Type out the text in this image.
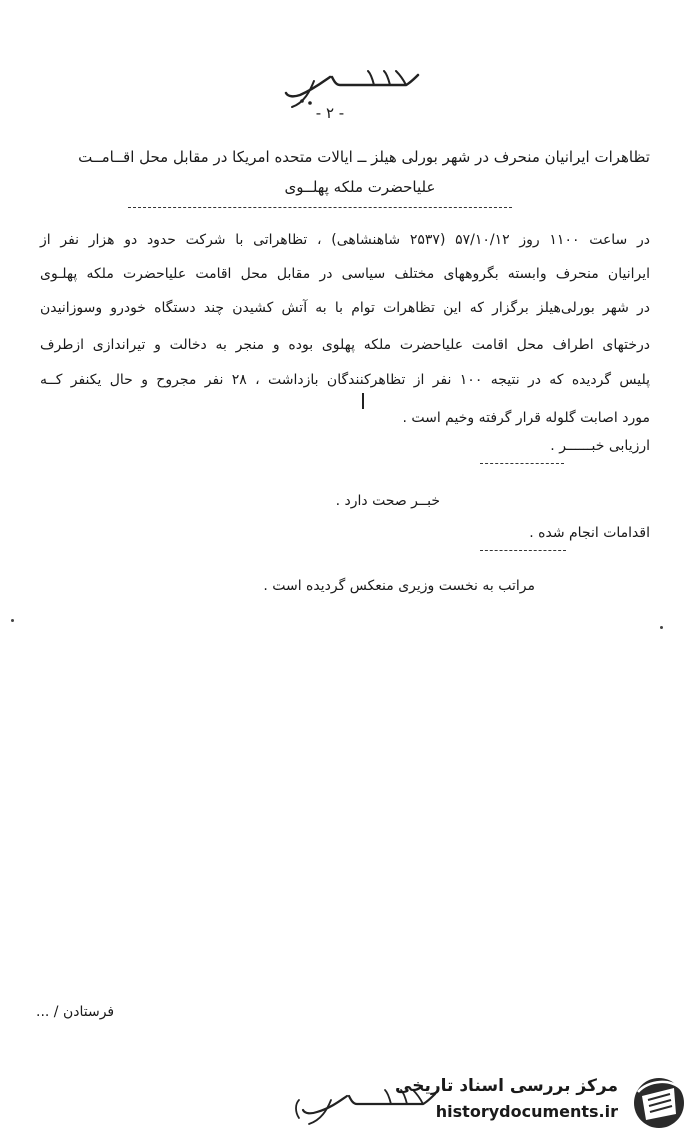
- ۲ -
تظاهرات ایرانیان منحرف در شهر بورلی هیلز ــ ایالات متحده امریکا در مقابل محل اقــامــت
علیاحضرت ملکه پهلــوی
در ساعت ۱۱۰۰ روز ۵۷/۱۰/۱۲ (۲۵۳۷ شاهنشاهی) ، تظاهراتی با شرکت حدود دو هزار نفر از
ایرانیان منحرف وابسته بگروههای مختلف سیاسی در مقابل محل اقامت علیاحضرت ملکه پهلـوی
در شهر بورلی‌هیلز برگزار که این تظاهرات توام با به آتش کشیدن چند دستگاه خودرو وسوزانیدن
درختهای اطراف محل اقامت علیاحضرت ملکه پهلوی بوده و منجر به دخالت و تیراندازی ازطرف
پلیس گردیده که در نتیجه ۱۰۰ نفر از تظاهرکنندگان بازداشت ، ۲۸ نفر مجروح و حال یکنفر کــه
مورد اصابت گلوله قرار گرفته وخیم است .
ارزیابی خبــــــر .
خبــر صحت دارد .
اقدامات انجام شده .
مراتب به نخست وزیری منعکس گردیده است .
فرستادن / ...
مرکز بررسی اسناد تاریخی
historydocuments.ir
